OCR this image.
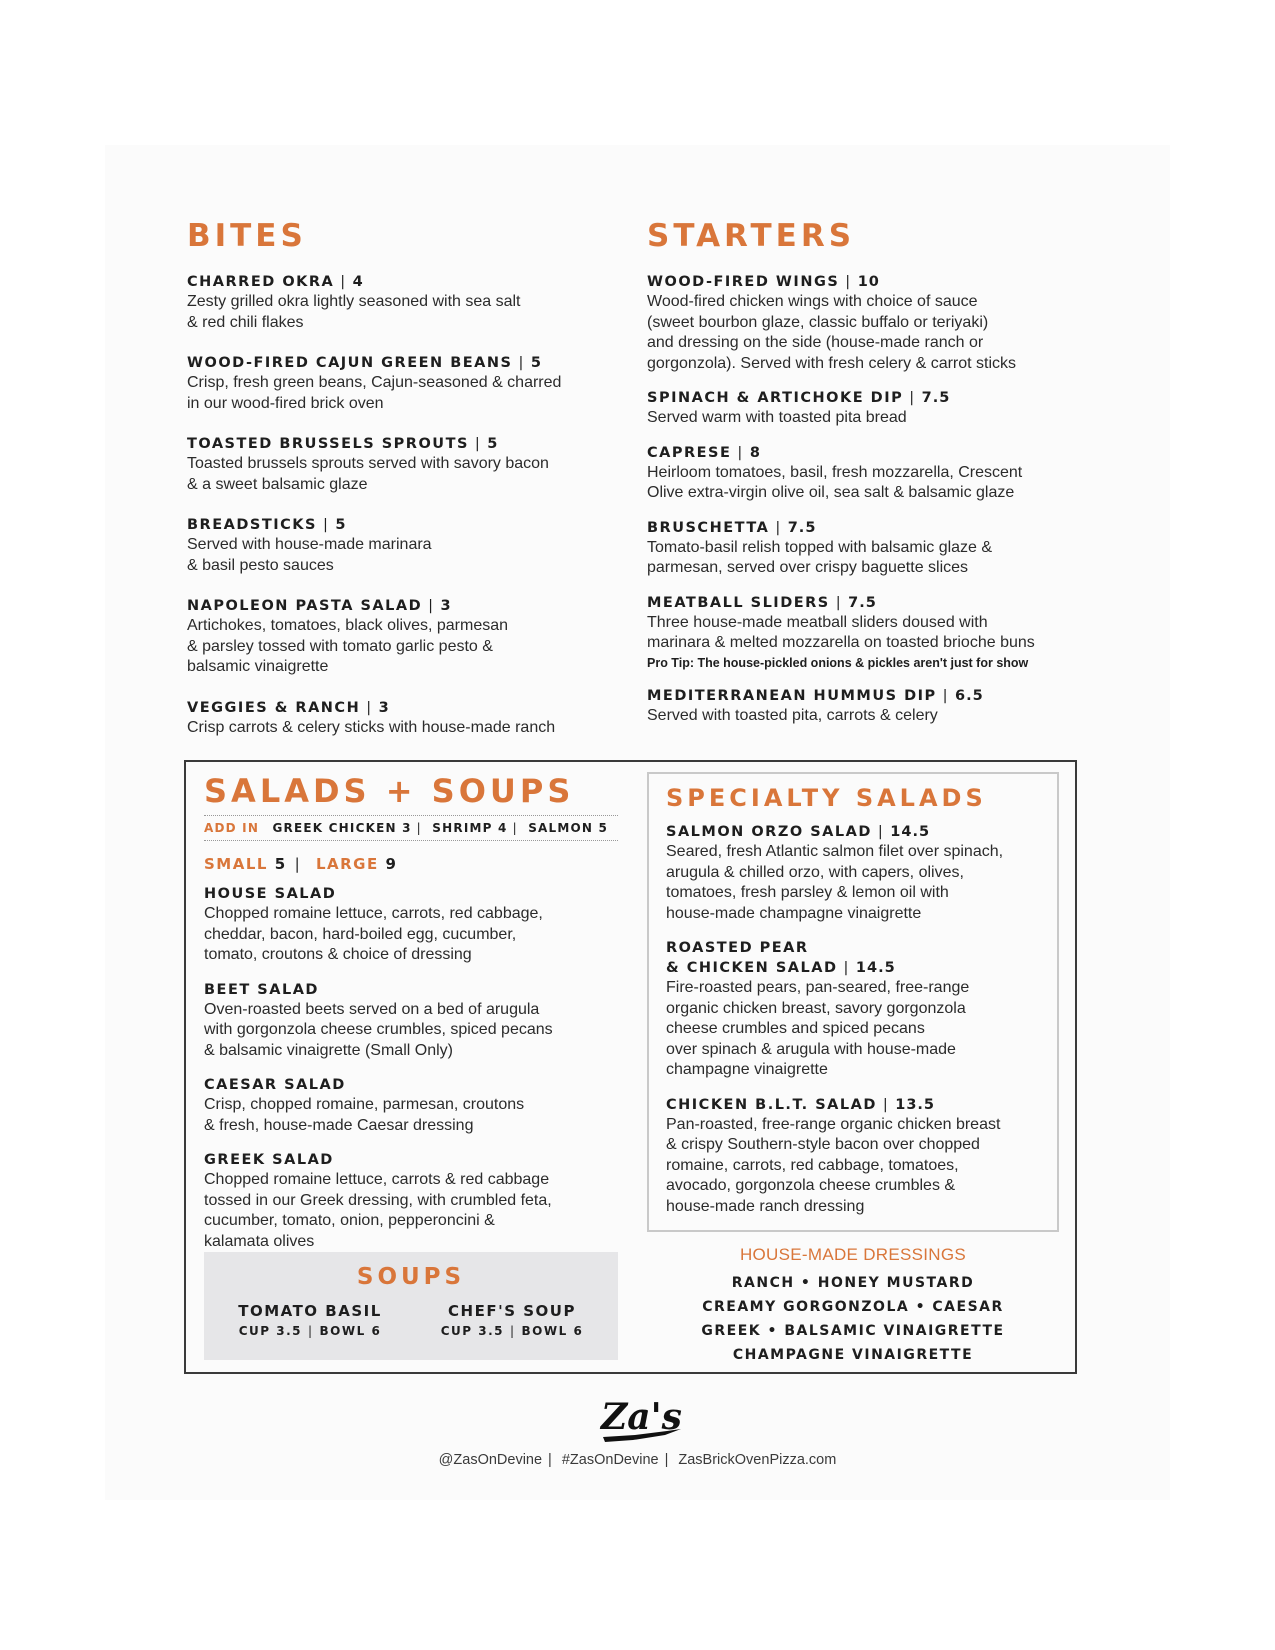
BITES
CHARRED OKRA | 4
Zesty grilled okra lightly seasoned with sea salt
& red chili flakes
WOOD-FIRED CAJUN GREEN BEANS | 5
Crisp, fresh green beans, Cajun-seasoned & charred
in our wood-fired brick oven
TOASTED BRUSSELS SPROUTS | 5
Toasted brussels sprouts served with savory bacon
& a sweet balsamic glaze
BREADSTICKS | 5
Served with house-made marinara
& basil pesto sauces
NAPOLEON PASTA SALAD | 3
Artichokes, tomatoes, black olives, parmesan
& parsley tossed with tomato garlic pesto &
balsamic vinaigrette
VEGGIES & RANCH | 3
Crisp carrots & celery sticks with house-made ranch
STARTERS
WOOD-FIRED WINGS | 10
Wood-fired chicken wings with choice of sauce
(sweet bourbon glaze, classic buffalo or teriyaki)
and dressing on the side (house-made ranch or
gorgonzola). Served with fresh celery & carrot sticks
SPINACH & ARTICHOKE DIP | 7.5
Served warm with toasted pita bread
CAPRESE | 8
Heirloom tomatoes, basil, fresh mozzarella, Crescent
Olive extra-virgin olive oil, sea salt & balsamic glaze
BRUSCHETTA | 7.5
Tomato-basil relish topped with balsamic glaze &
parmesan, served over crispy baguette slices
MEATBALL SLIDERS | 7.5
Three house-made meatball sliders doused with
marinara & melted mozzarella on toasted brioche buns
Pro Tip: The house-pickled onions & pickles aren't just for show
MEDITERRANEAN HUMMUS DIP | 6.5
Served with toasted pita, carrots & celery
SALADS + SOUPS
ADD IN GREEK CHICKEN 3 | SHRIMP 4 | SALMON 5
SMALL 5 | LARGE 9
HOUSE SALAD
Chopped romaine lettuce, carrots, red cabbage,
cheddar, bacon, hard-boiled egg, cucumber,
tomato, croutons & choice of dressing
BEET SALAD
Oven-roasted beets served on a bed of arugula
with gorgonzola cheese crumbles, spiced pecans
& balsamic vinaigrette (Small Only)
CAESAR SALAD
Crisp, chopped romaine, parmesan, croutons
& fresh, house-made Caesar dressing
GREEK SALAD
Chopped romaine lettuce, carrots & red cabbage
tossed in our Greek dressing, with crumbled feta,
cucumber, tomato, onion, pepperoncini &
kalamata olives
SOUPS
TOMATO BASIL
CUP 3.5 | BOWL 6
CHEF'S SOUP
CUP 3.5 | BOWL 6
SPECIALTY SALADS
SALMON ORZO SALAD | 14.5
Seared, fresh Atlantic salmon filet over spinach,
arugula & chilled orzo, with capers, olives,
tomatoes, fresh parsley & lemon oil with
house-made champagne vinaigrette
ROASTED PEAR
& CHICKEN SALAD | 14.5
Fire-roasted pears, pan-seared, free-range
organic chicken breast, savory gorgonzola
cheese crumbles and spiced pecans
over spinach & arugula with house-made
champagne vinaigrette
CHICKEN B.L.T. SALAD | 13.5
Pan-roasted, free-range organic chicken breast
& crispy Southern-style bacon over chopped
romaine, carrots, red cabbage, tomatoes,
avocado, gorgonzola cheese crumbles &
house-made ranch dressing
HOUSE-MADE DRESSINGS
RANCH • HONEY MUSTARD
CREAMY GORGONZOLA • CAESAR
GREEK • BALSAMIC VINAIGRETTE
CHAMPAGNE VINAIGRETTE
Za's
@ZasOnDevine | #ZasOnDevine | ZasBrickOvenPizza.com
